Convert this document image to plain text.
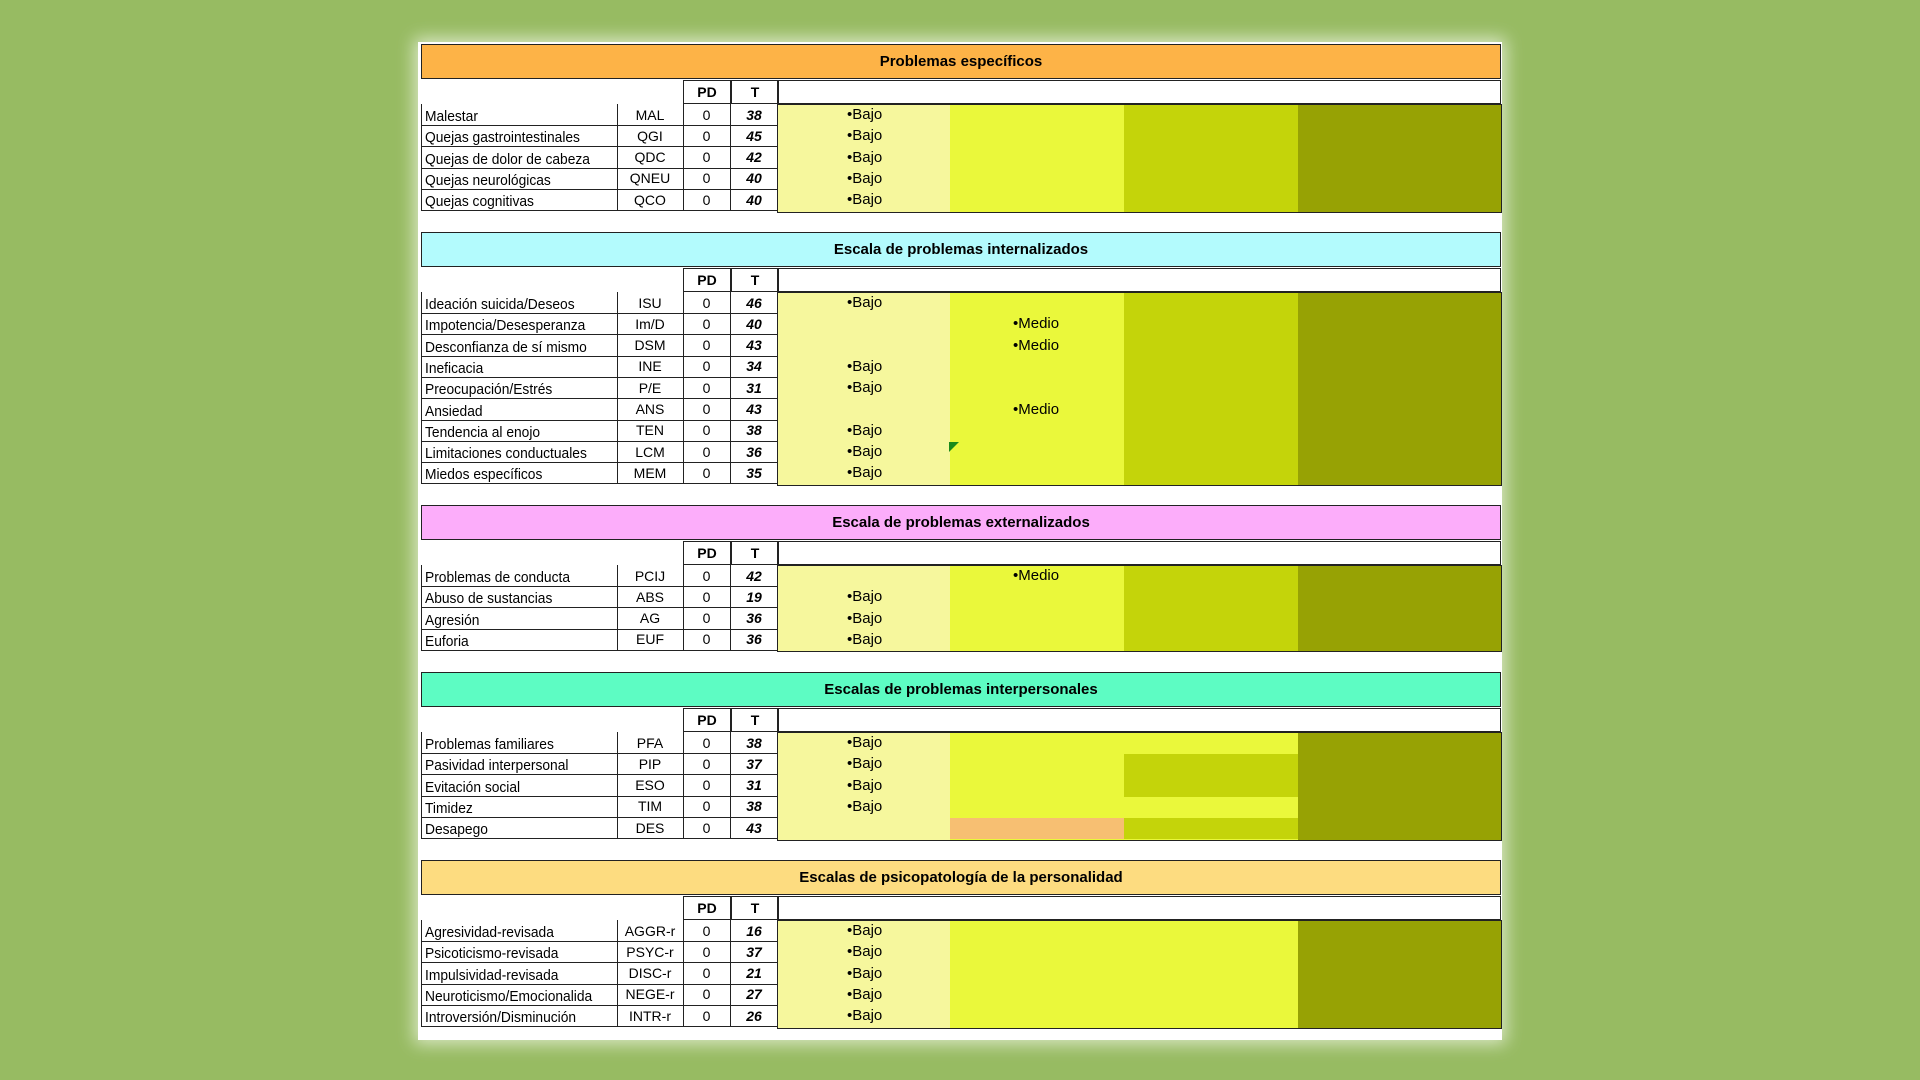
Problemas específicos
PD	T
Malestar	MAL	0	38	•Bajo
Quejas gastrointestinales	QGI	0	45	•Bajo
Quejas de dolor de cabeza	QDC	0	42	•Bajo
Quejas neurológicas	QNEU	0	40	•Bajo
Quejas cognitivas	QCO	0	40	•Bajo
Escala de problemas internalizados
PD	T
Ideación suicida/Deseos	ISU	0	46	•Bajo
Impotencia/Desesperanza	Im/D	0	40	•Medio
Desconfianza de sí mismo	DSM	0	43	•Medio
Ineficacia	INE	0	34	•Bajo
Preocupación/Estrés	P/E	0	31	•Bajo
Ansiedad	ANS	0	43	•Medio
Tendencia al enojo	TEN	0	38	•Bajo
Limitaciones conductuales	LCM	0	36	•Bajo
Miedos específicos	MEM	0	35	•Bajo
Escala de problemas externalizados
PD	T
Problemas de conducta	PCIJ	0	42	•Medio
Abuso de sustancias	ABS	0	19	•Bajo
Agresión	AG	0	36	•Bajo
Euforia	EUF	0	36	•Bajo
Escalas de problemas interpersonales
PD	T
Problemas familiares	PFA	0	38	•Bajo
Pasividad interpersonal	PIP	0	37	•Bajo
Evitación social	ESO	0	31	•Bajo
Timidez	TIM	0	38	•Bajo
Desapego	DES	0	43
Escalas de psicopatología de la personalidad
PD	T
Agresividad-revisada	AGGR-r	0	16	•Bajo
Psicoticismo-revisada	PSYC-r	0	37	•Bajo
Impulsividad-revisada	DISC-r	0	21	•Bajo
Neuroticismo/Emocionalida	NEGE-r	0	27	•Bajo
Introversión/Disminución	INTR-r	0	26	•Bajo
